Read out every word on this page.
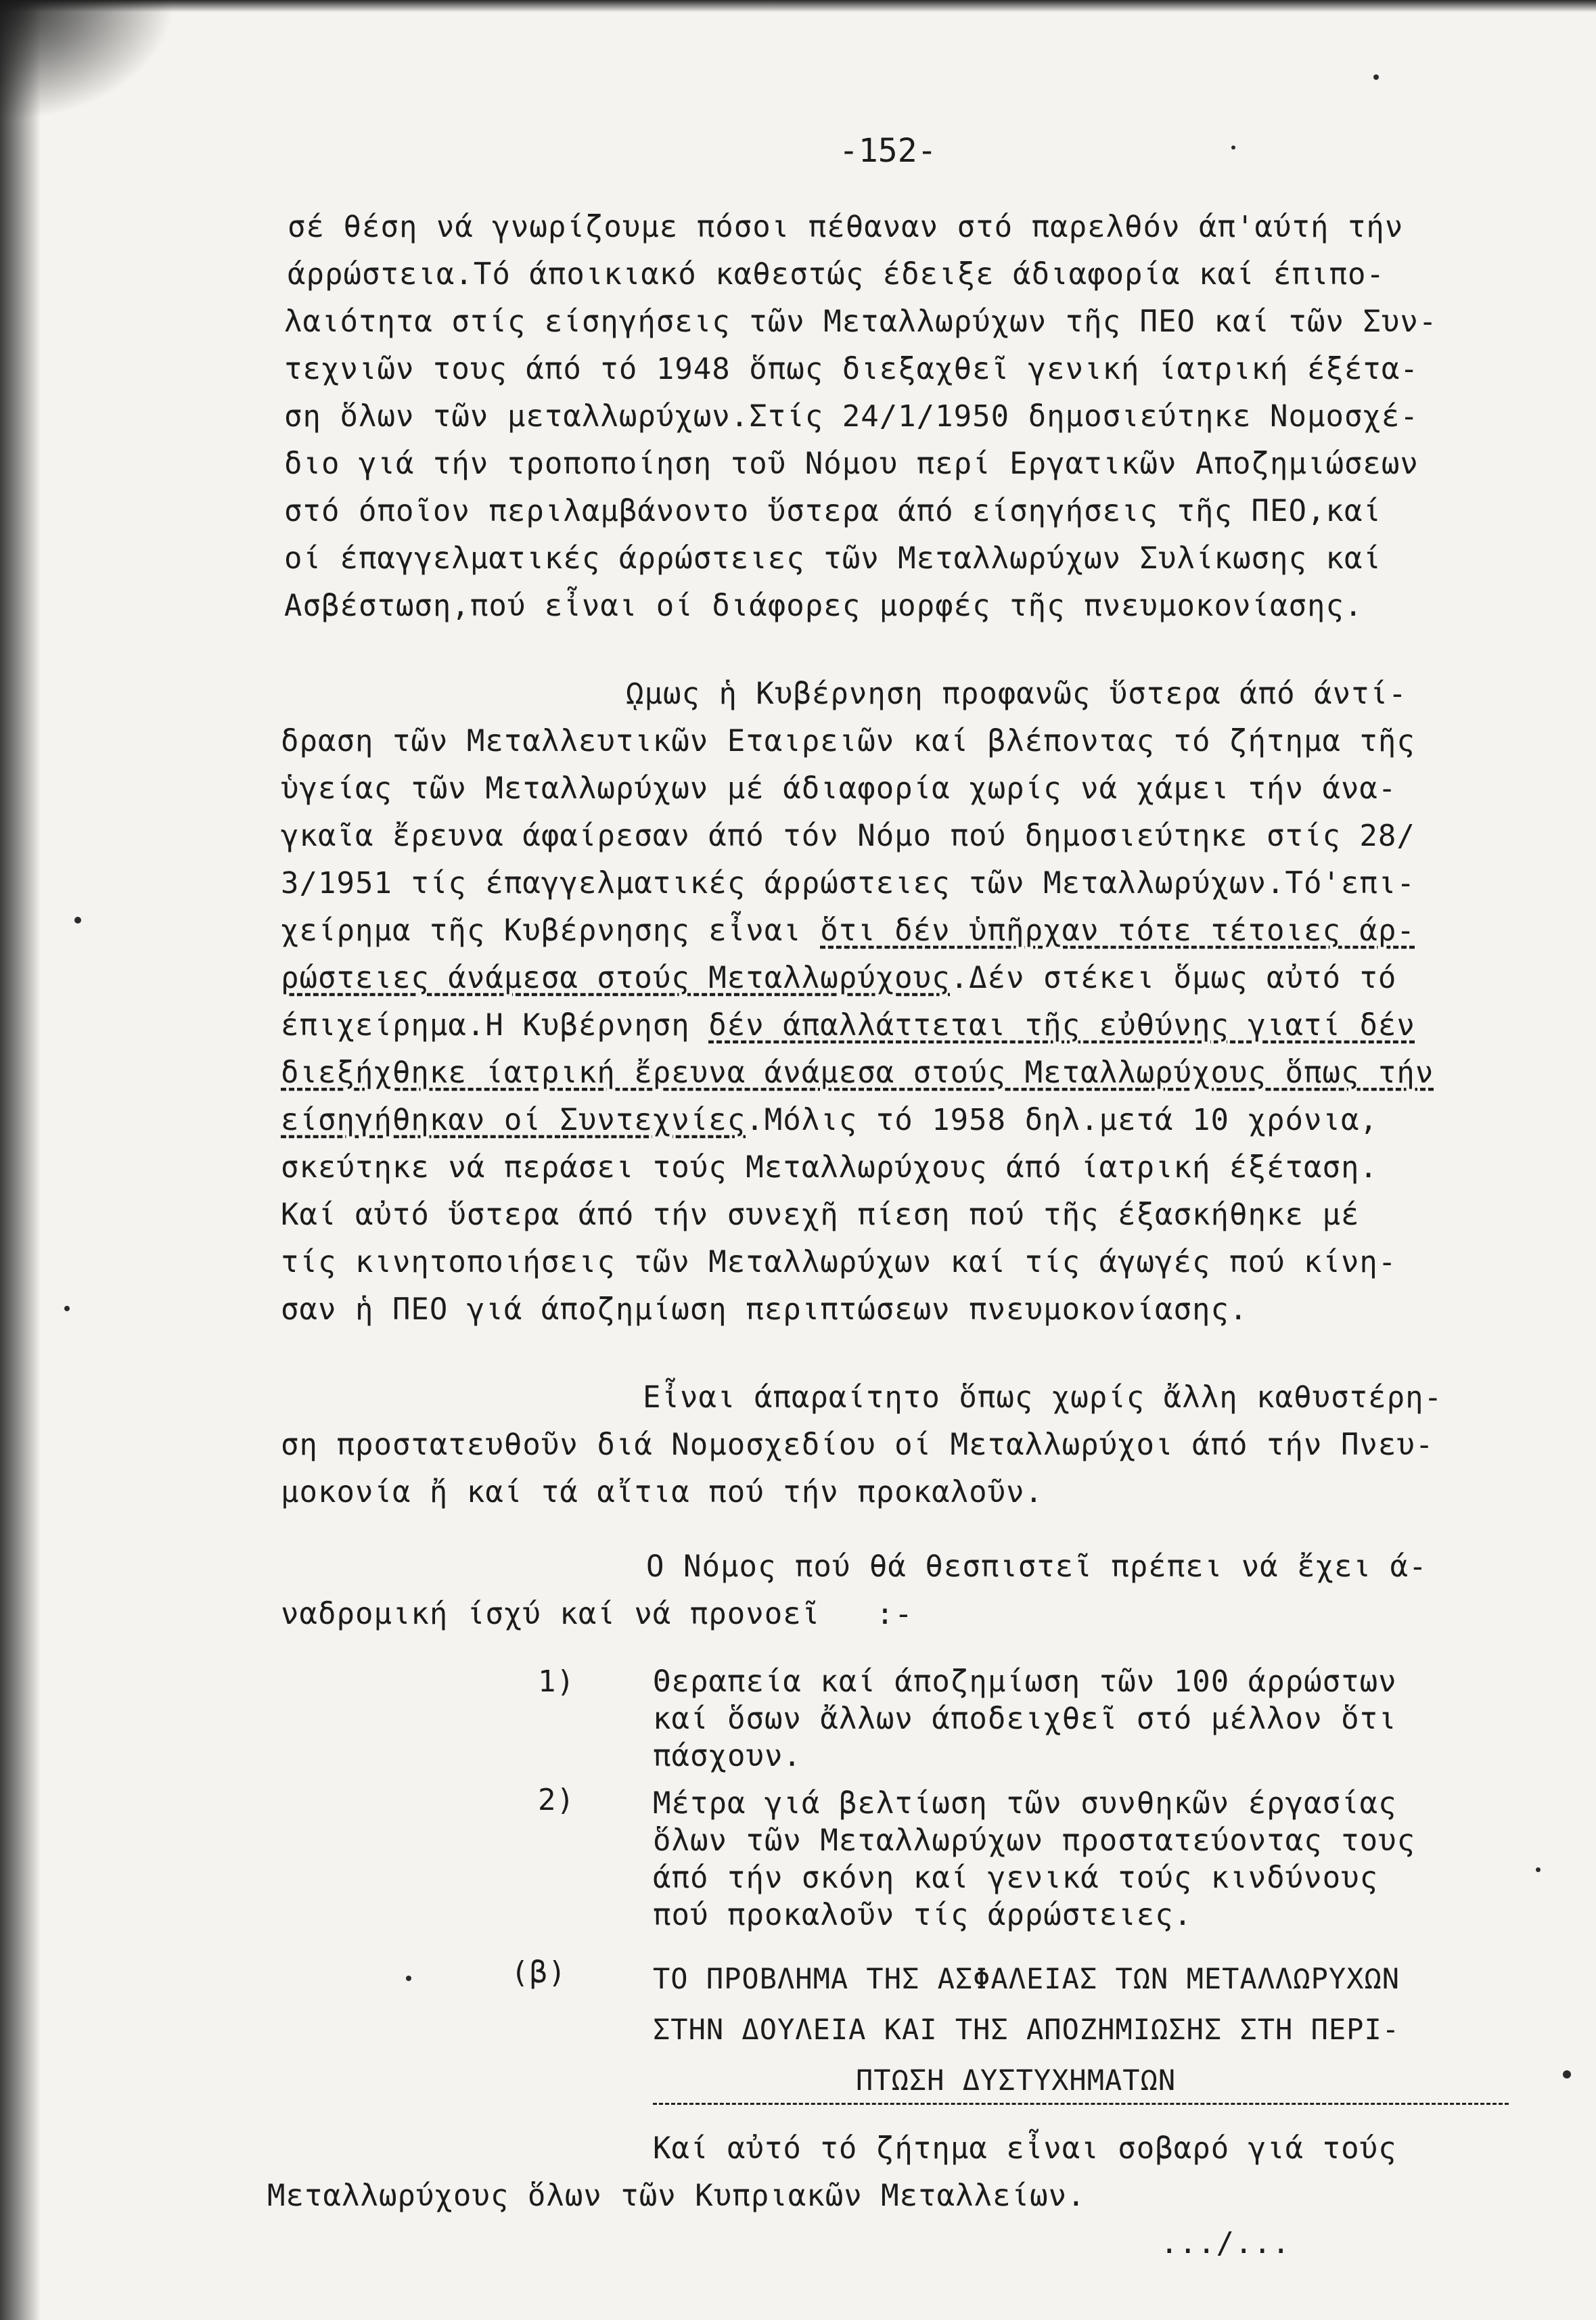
-152-
σέ θέση νά γνωρίζουμε πόσοι πέθαναν στό παρελθόν άπ'αύτή τήν
άρρώστεια.Τό άποικιακό καθεστώς έδειξε άδιαφορία καί έπιπο-
λαιότητα στίς είσηγήσεις τῶν Μεταλλωρύχων τῆς ΠΕΟ καί τῶν Συν-
τεχνιῶν τους άπό τό 1948 ὅπως διεξαχθεῖ γενική ίατρική έξέτα-
ση ὅλων τῶν μεταλλωρύχων.Στίς 24/1/1950 δημοσιεύτηκε Νομοσχέ-
διο γιά τήν τροποποίηση τοῦ Νόμου περί Εργατικῶν Αποζημιώσεων
στό όποῖον περιλαμβάνοντο ὕστερα άπό είσηγήσεις τῆς ΠΕΟ,καί
οί έπαγγελματικές άρρώστειες τῶν Μεταλλωρύχων Συλίκωσης καί
Ασβέστωση,πού εἶναι οί διάφορες μορφές τῆς πνευμοκονίασης.
ῼμως ἡ Κυβέρνηση προφανῶς ὕστερα άπό άντί-
δραση τῶν Μεταλλευτικῶν Εταιρειῶν καί βλέποντας τό ζήτημα τῆς
ὑγείας τῶν Μεταλλωρύχων μέ άδιαφορία χωρίς νά χάμει τήν άνα-
γκαῖα ἔρευνα άφαίρεσαν άπό τόν Νόμο πού δημοσιεύτηκε στίς 28/
3/1951 τίς έπαγγελματικές άρρώστειες τῶν Μεταλλωρύχων.Τό'επι-
χείρημα τῆς Κυβέρνησης εἶναι ὅτι δέν ὑπῆρχαν τότε τέτοιες άρ-
ρώστειες άνάμεσα στούς Μεταλλωρύχους.Δέν στέκει ὅμως αὐτό τό
έπιχείρημα.Η Κυβέρνηση δέν άπαλλάττεται τῆς εὐθύνης γιατί δέν
διεξήχθηκε ίατρική ἔρευνα άνάμεσα στούς Μεταλλωρύχους ὅπως τήν
είσηγήθηκαν οί Συντεχνίες.Μόλις τό 1958 δηλ.μετά 10 χρόνια,
σκεύτηκε νά περάσει τούς Μεταλλωρύχους άπό ίατρική έξέταση.
Καί αὐτό ὕστερα άπό τήν συνεχῆ πίεση πού τῆς έξασκήθηκε μέ
τίς κινητοποιήσεις τῶν Μεταλλωρύχων καί τίς άγωγές πού κίνη-
σαν ἡ ΠΕΟ γιά άποζημίωση περιπτώσεων πνευμοκονίασης.
Εἶναι άπαραίτητο ὅπως χωρίς ἄλλη καθυστέρη-
ση προστατευθοῦν διά Νομοσχεδίου οί Μεταλλωρύχοι άπό τήν Πνευ-
μοκονία ἤ καί τά αἴτια πού τήν προκαλοῦν.
Ο Νόμος πού θά θεσπιστεῖ πρέπει νά ἔχει ά-
ναδρομική ίσχύ καί νά προνοεῖ   :-
1)	Θεραπεία καί άποζημίωση τῶν 100 άρρώστων
καί ὅσων ἄλλων άποδειχθεῖ στό μέλλον ὅτι
πάσχουν.
2)	Μέτρα γιά βελτίωση τῶν συνθηκῶν έργασίας
ὅλων τῶν Μεταλλωρύχων προστατεύοντας τους
άπό τήν σκόνη καί γενικά τούς κινδύνους
πού προκαλοῦν τίς άρρώστειες.
(β)	ΤΟ ΠΡΟΒΛΗΜΑ ΤΗΣ ΑΣΦΑΛΕΙΑΣ ΤΩΝ ΜΕΤΑΛΛΩΡΥΧΩΝ
ΣΤΗΝ ΔΟΥΛΕΙΑ ΚΑΙ ΤΗΣ ΑΠΟΖΗΜΙΩΣΗΣ ΣΤΗ ΠΕΡΙ-
ΠΤΩΣΗ ΔΥΣΤΥΧΗΜΑΤΩΝ
Καί αὐτό τό ζήτημα εἶναι σοβαρό γιά τούς
Μεταλλωρύχους ὅλων τῶν Κυπριακῶν Μεταλλείων.
.../...
